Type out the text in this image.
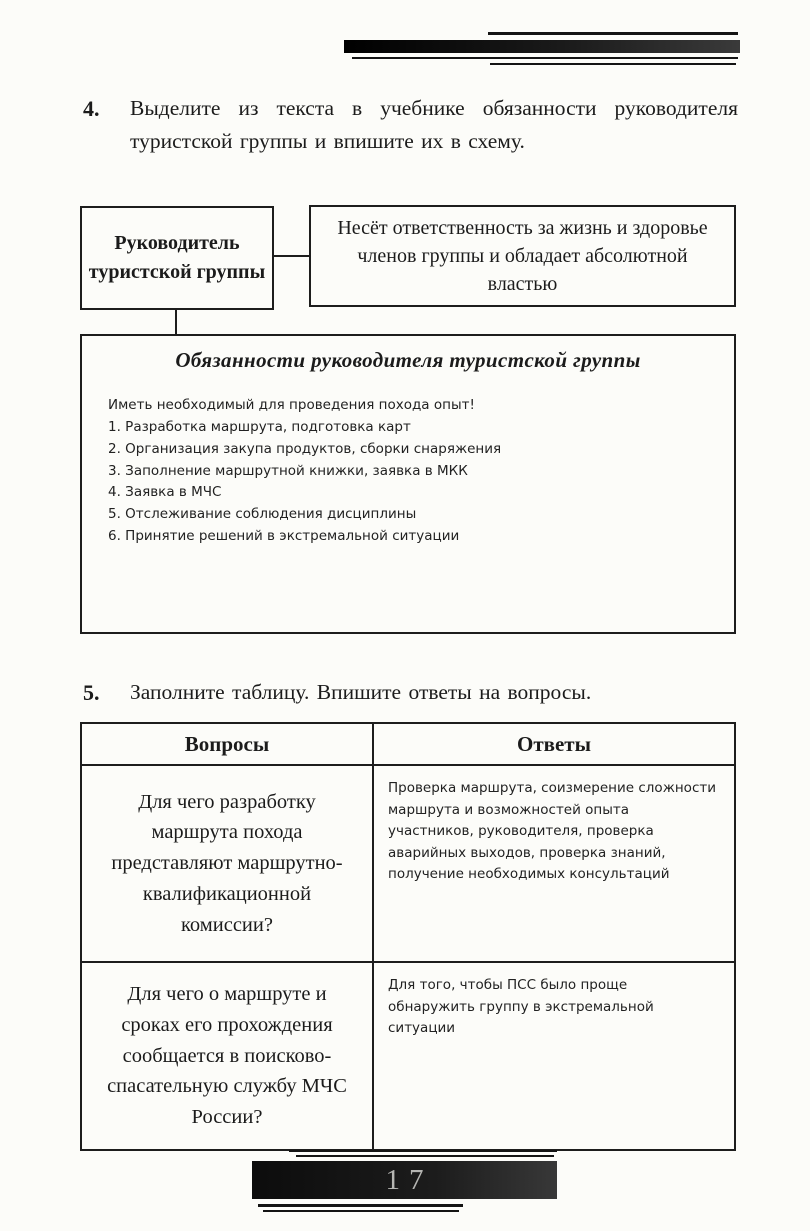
4.	Выделите из текста в учебнике обязанности руководителя туристской группы и впишите их в схему.

Руководитель туристской группы
Несёт ответственность за жизнь и здоровье членов группы и обладает абсолютной властью
Обязанности руководителя туристской группы

Иметь необходимый для проведения похода опыт!

1. Разработка маршрута, подготовка карт

2. Организация закупа продуктов, сборки снаряжения

3. Заполнение маршрутной книжки, заявка в МКК

4. Заявка в МЧС

5. Отслеживание соблюдения дисциплины

6. Принятие решений в экстремальной ситуации

5.	Заполните таблицу. Впишите ответы на вопросы.

Вопросы	Ответы
Для чего разработку маршрута похода представляют маршрутно-квалификационной комиссии?	Проверка маршрута, соизмерение сложности маршрута и возможностей опыта участников, руководителя, проверка аварийных выходов, проверка знаний, получение необходимых консультаций
Для чего о маршруте и сроках его прохождения сообщается в поисково-спасательную службу МЧС России?	Для того, чтобы ПСС было проще обнаружить группу в экстремальной ситуации
17
